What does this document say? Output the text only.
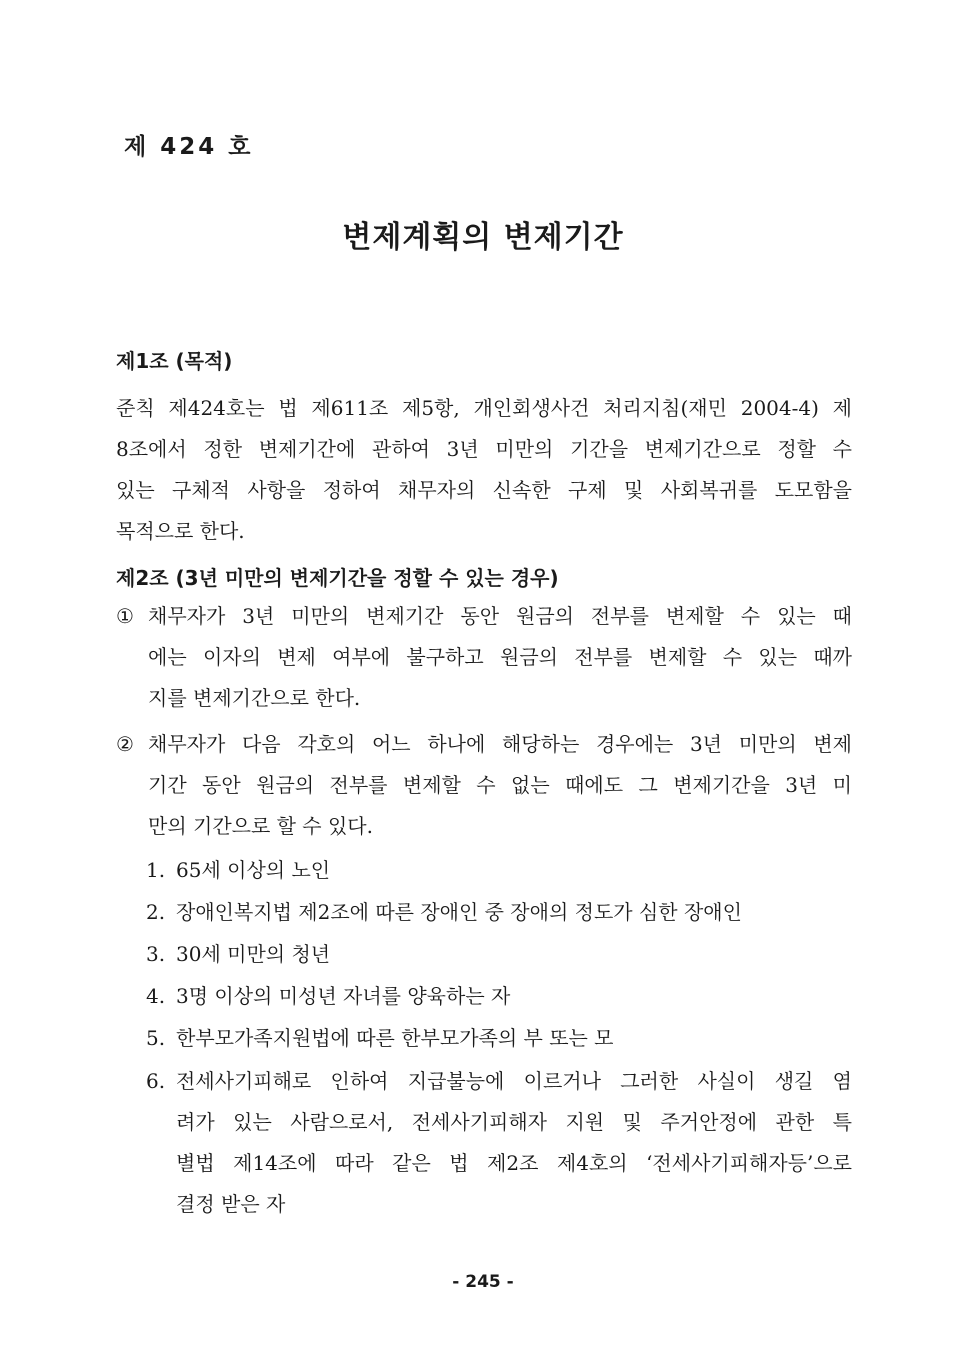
제 424 호
변제계획의 변제기간
제1조 (목적)
준칙 제424호는 법 제611조 제5항, 개인회생사건 처리지침(재민 2004-4) 제
8조에서 정한 변제기간에 관하여 3년 미만의 기간을 변제기간으로 정할 수
있는 구체적 사항을 정하여 채무자의 신속한 구제 및 사회복귀를 도모함을
목적으로 한다.
제2조 (3년 미만의 변제기간을 정할 수 있는 경우)
① 채무자가 3년 미만의 변제기간 동안 원금의 전부를 변제할 수 있는 때
에는 이자의 변제 여부에 불구하고 원금의 전부를 변제할 수 있는 때까
지를 변제기간으로 한다.
② 채무자가 다음 각호의 어느 하나에 해당하는 경우에는 3년 미만의 변제
기간 동안 원금의 전부를 변제할 수 없는 때에도 그 변제기간을 3년 미
만의 기간으로 할 수 있다.
1. 65세 이상의 노인
2. 장애인복지법 제2조에 따른 장애인 중 장애의 정도가 심한 장애인
3. 30세 미만의 청년
4. 3명 이상의 미성년 자녀를 양육하는 자
5. 한부모가족지원법에 따른 한부모가족의 부 또는 모
6. 전세사기피해로 인하여 지급불능에 이르거나 그러한 사실이 생길 염
려가 있는 사람으로서, 전세사기피해자 지원 및 주거안정에 관한 특
별법 제14조에 따라 같은 법 제2조 제4호의 ‘전세사기피해자등’으로
결정 받은 자
- 245 -
